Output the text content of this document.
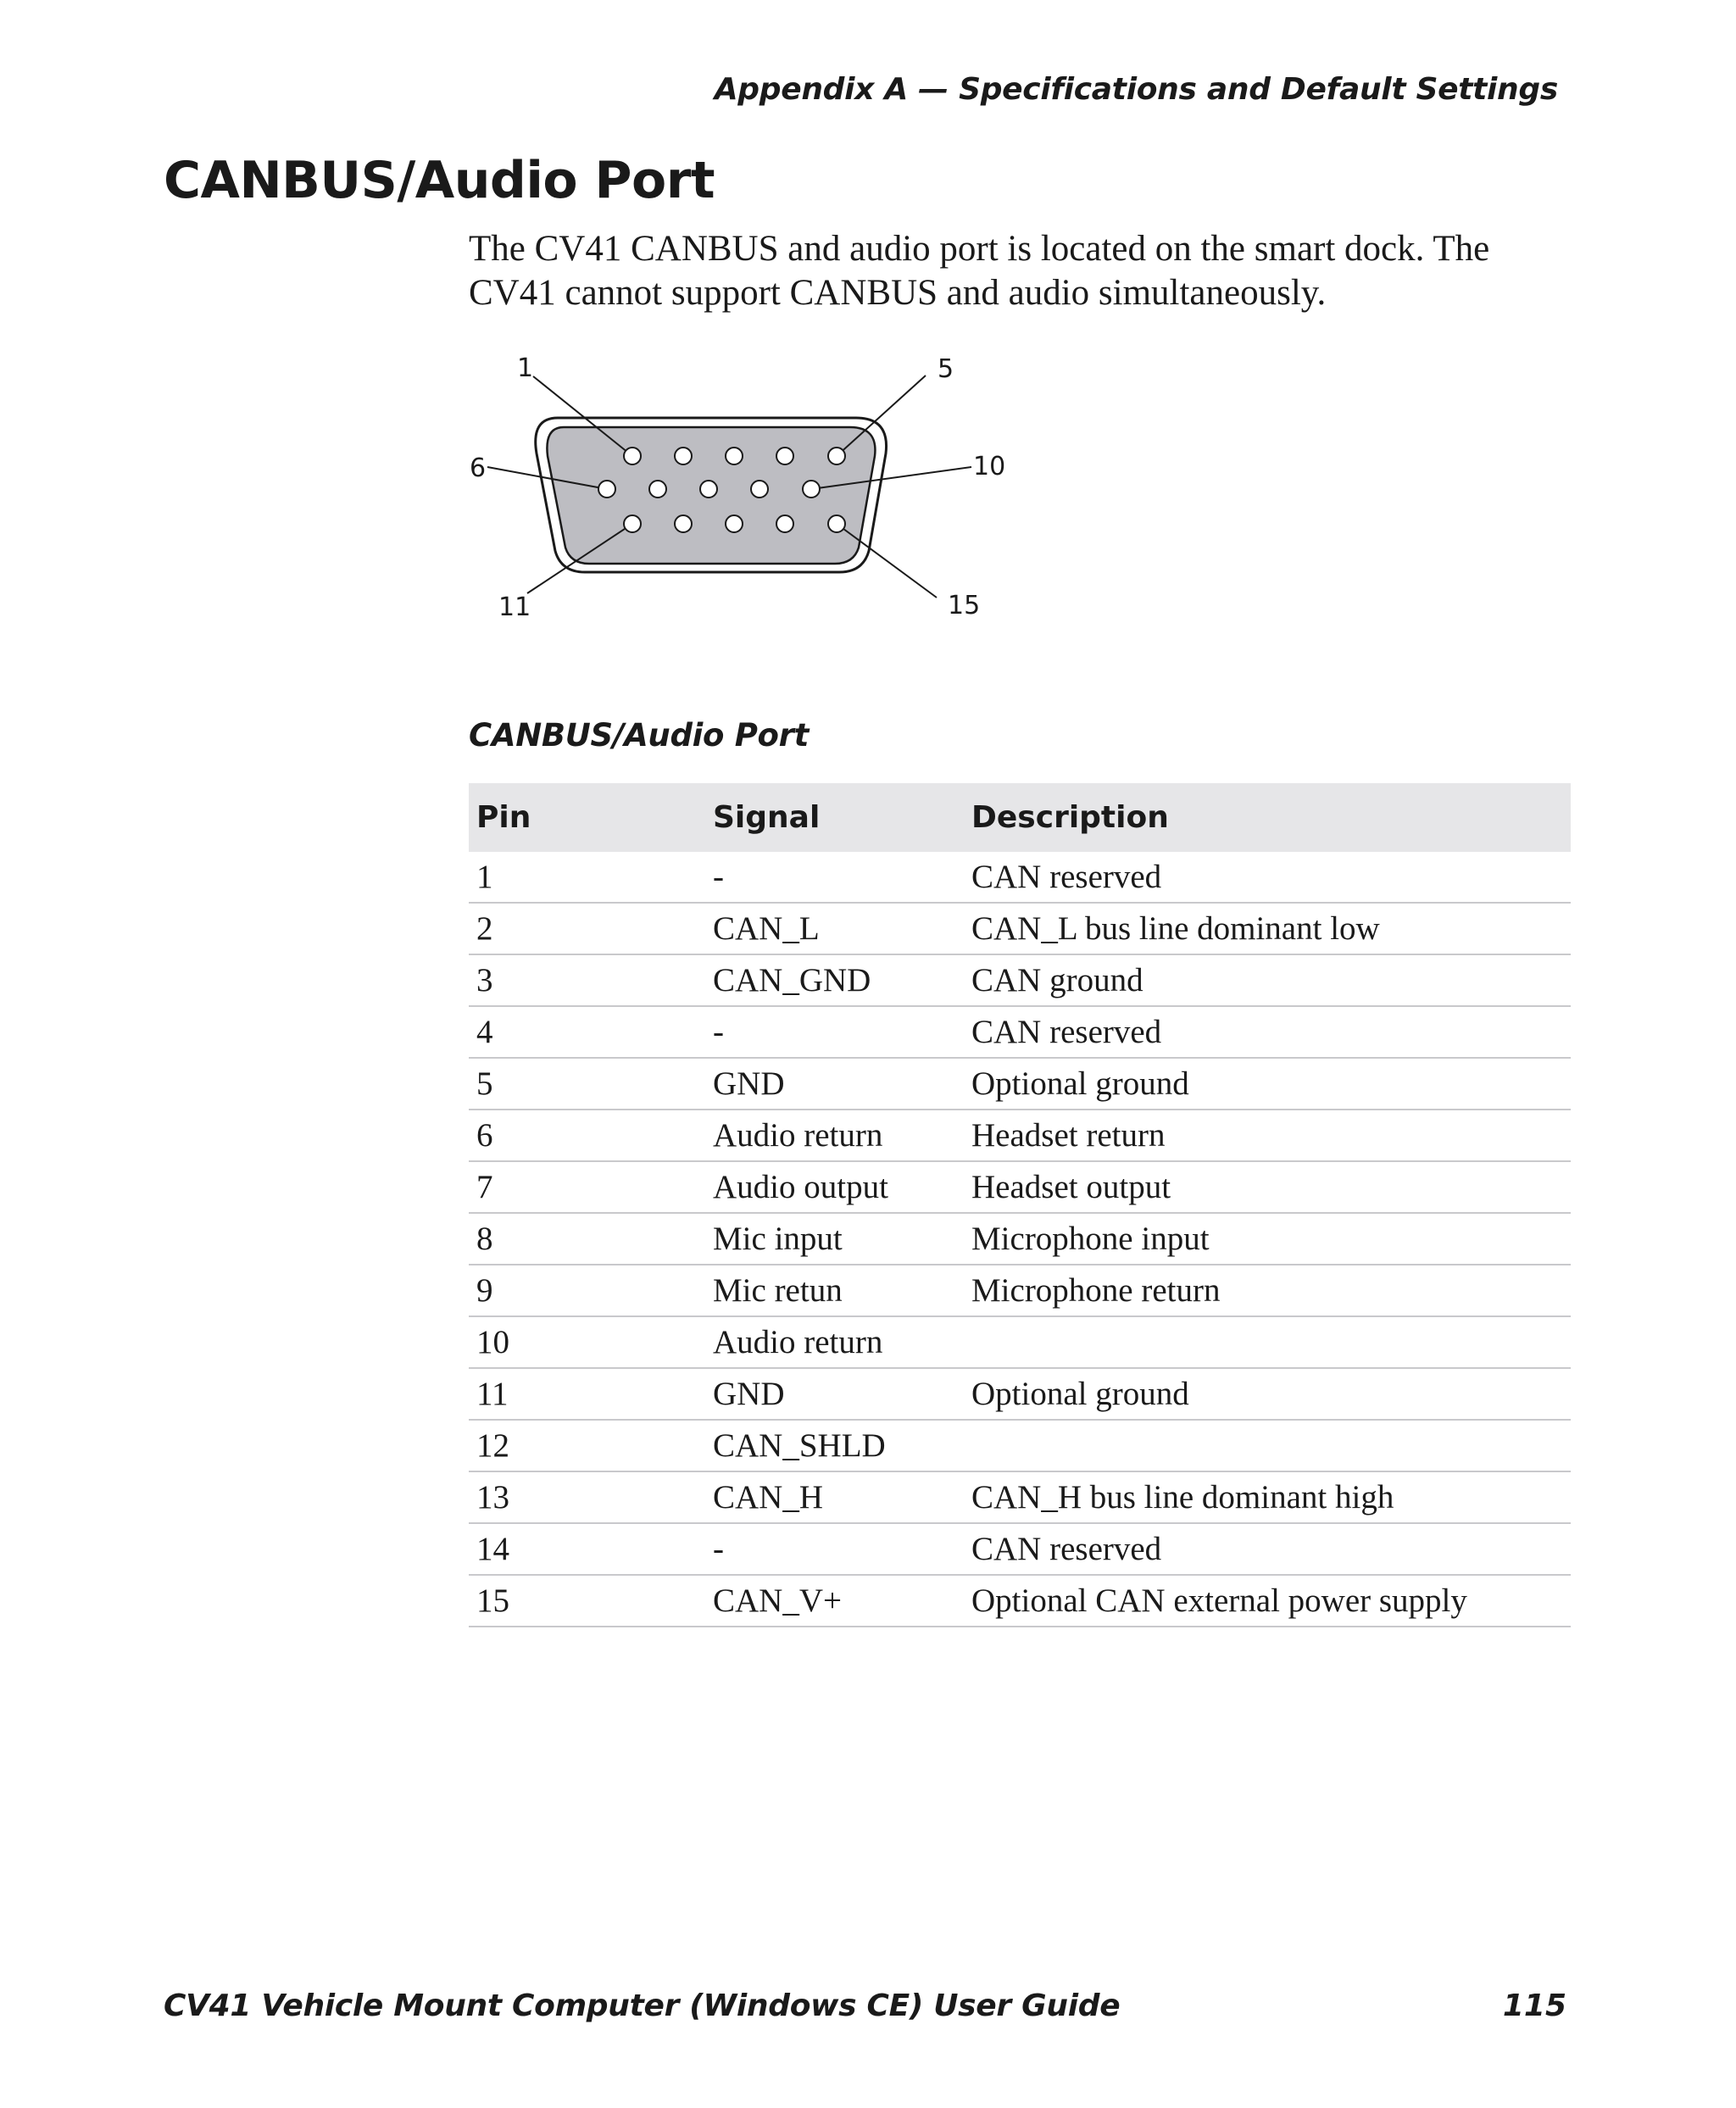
Appendix A — Specifications and Default Settings
CANBUS/Audio Port

The CV41 CANBUS and audio port is located on the smart dock. The CV41 cannot support CANBUS and audio simultaneously.

1	5
6	10
11	15
CANBUS/Audio Port
Pin	Signal	Description
1	-	CAN reserved
2	CAN_L	CAN_L bus line dominant low
3	CAN_GND	CAN ground
4	-	CAN reserved
5	GND	Optional ground
6	Audio return	Headset return
7	Audio output	Headset output
8	Mic input	Microphone input
9	Mic retun	Microphone return
10	Audio return	
11	GND	Optional ground
12	CAN_SHLD	
13	CAN_H	CAN_H bus line dominant high
14	-	CAN reserved
15	CAN_V+	Optional CAN external power supply
CV41 Vehicle Mount Computer (Windows CE) User Guide	115
